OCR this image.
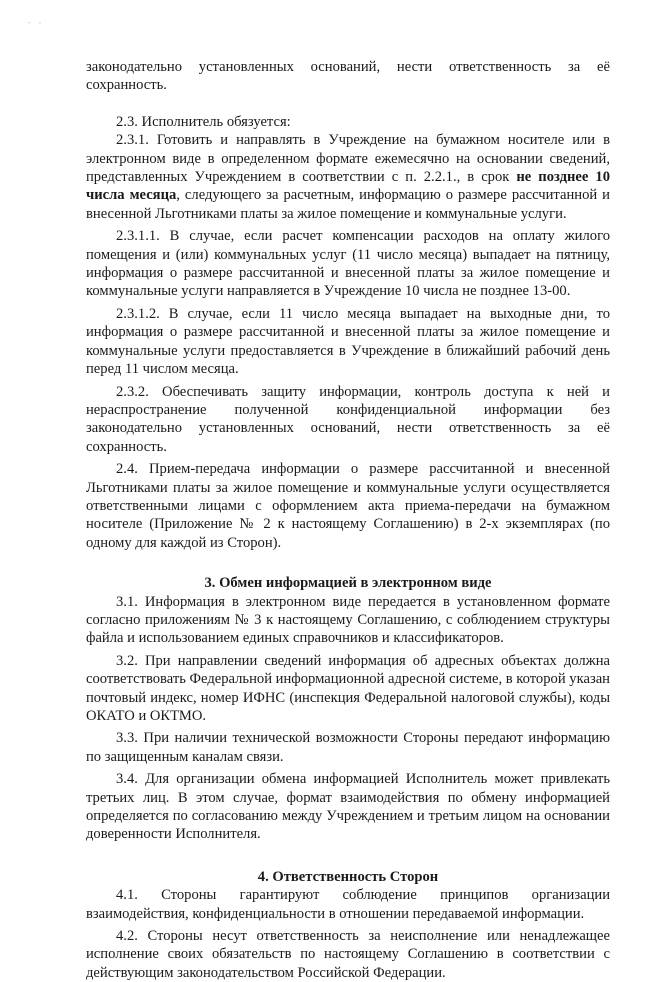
- -

законодательно установленных оснований, нести ответственность за её сохранность.

2.3. Исполнитель обязуется:

2.3.1. Готовить и направлять в Учреждение на бумажном носителе или в электронном виде в определенном формате ежемесячно на основании сведений, представленных Учреждением в соответствии с п. 2.2.1., в срок не позднее 10 числа месяца, следующего за расчетным, информацию о размере рассчитанной и внесенной Льготниками платы за жилое помещение и коммунальные услуги.

2.3.1.1. В случае, если расчет компенсации расходов на оплату жилого помещения и (или) коммунальных услуг (11 число месяца) выпадает на пятницу, информация о размере рассчитанной и внесенной платы за жилое помещение и коммунальные услуги направляется в Учреждение 10 числа не позднее 13-00.

2.3.1.2. В случае, если 11 число месяца выпадает на выходные дни, то информация о размере рассчитанной и внесенной платы за жилое помещение и коммунальные услуги предоставляется в Учреждение в ближайший рабочий день перед 11 числом месяца.

2.3.2. Обеспечивать защиту информации, контроль доступа к ней и нераспространение полученной конфиденциальной информации без законодательно установленных оснований, нести ответственность за её сохранность.

2.4. Прием-передача информации о размере рассчитанной и внесенной Льготниками платы за жилое помещение и коммунальные услуги осуществляется ответственными лицами с оформлением акта приема-передачи на бумажном носителе (Приложение № 2 к настоящему Соглашению) в 2-х экземплярах (по одному для каждой из Сторон).

3. Обмен информацией в электронном виде

3.1. Информация в электронном виде передается в установленном формате согласно приложениям № 3 к настоящему Соглашению, с соблюдением структуры файла и использованием единых справочников и классификаторов.

3.2. При направлении сведений информация об адресных объектах должна соответствовать Федеральной информационной адресной системе, в которой указан почтовый индекс, номер ИФНС (инспекция Федеральной налоговой службы), коды ОКАТО и ОКТМО.

3.3. При наличии технической возможности Стороны передают информацию по защищенным каналам связи.

3.4. Для организации обмена информацией Исполнитель может привлекать третьих лиц. В этом случае, формат взаимодействия по обмену информацией определяется по согласованию между Учреждением и третьим лицом на основании доверенности Исполнителя.

4. Ответственность Сторон

4.1. Стороны гарантируют соблюдение принципов организации взаимодействия, конфиденциальности в отношении передаваемой информации.

4.2. Стороны несут ответственность за неисполнение или ненадлежащее исполнение своих обязательств по настоящему Соглашению в соответствии с действующим законодательством Российской Федерации.
